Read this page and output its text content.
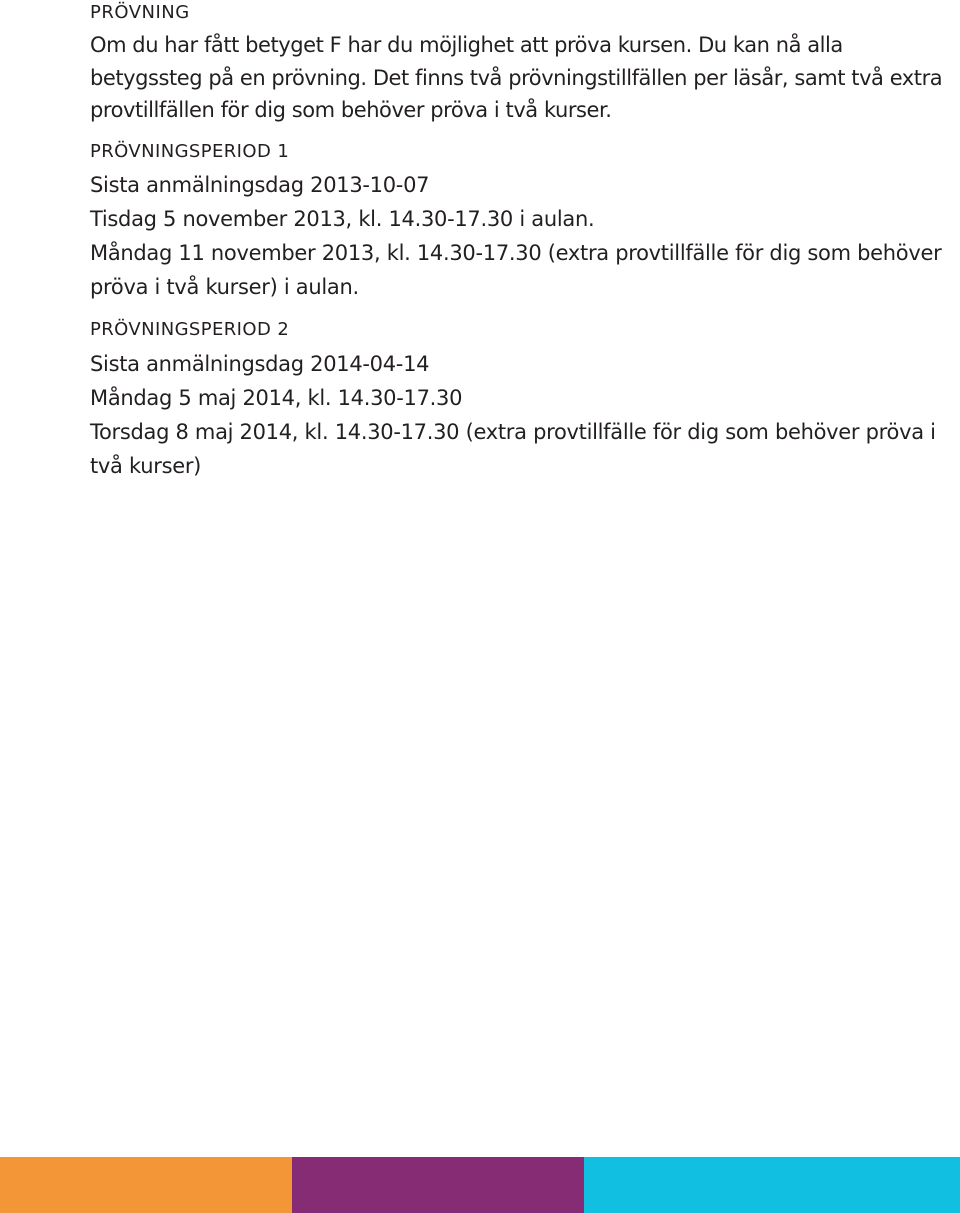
PRÖVNING

Om du har fått betyget F har du möjlighet att pröva kursen. Du kan nå alla betygssteg på en prövning. Det finns två prövningstillfällen per läsår, samt två extra provtillfällen för dig som behöver pröva i två kurser.

PRÖVNINGSPERIOD 1
Sista anmälningsdag 2013-10-07
Tisdag 5 november 2013, kl. 14.30-17.30 i aulan.
Måndag 11 november 2013, kl. 14.30-17.30 (extra provtillfälle för dig som behöver pröva i två kurser) i aulan.
PRÖVNINGSPERIOD 2
Sista anmälningsdag 2014-04-14
Måndag 5 maj 2014, kl. 14.30-17.30
Torsdag 8 maj 2014, kl. 14.30-17.30 (extra provtillfälle för dig som behöver pröva i två kurser)
